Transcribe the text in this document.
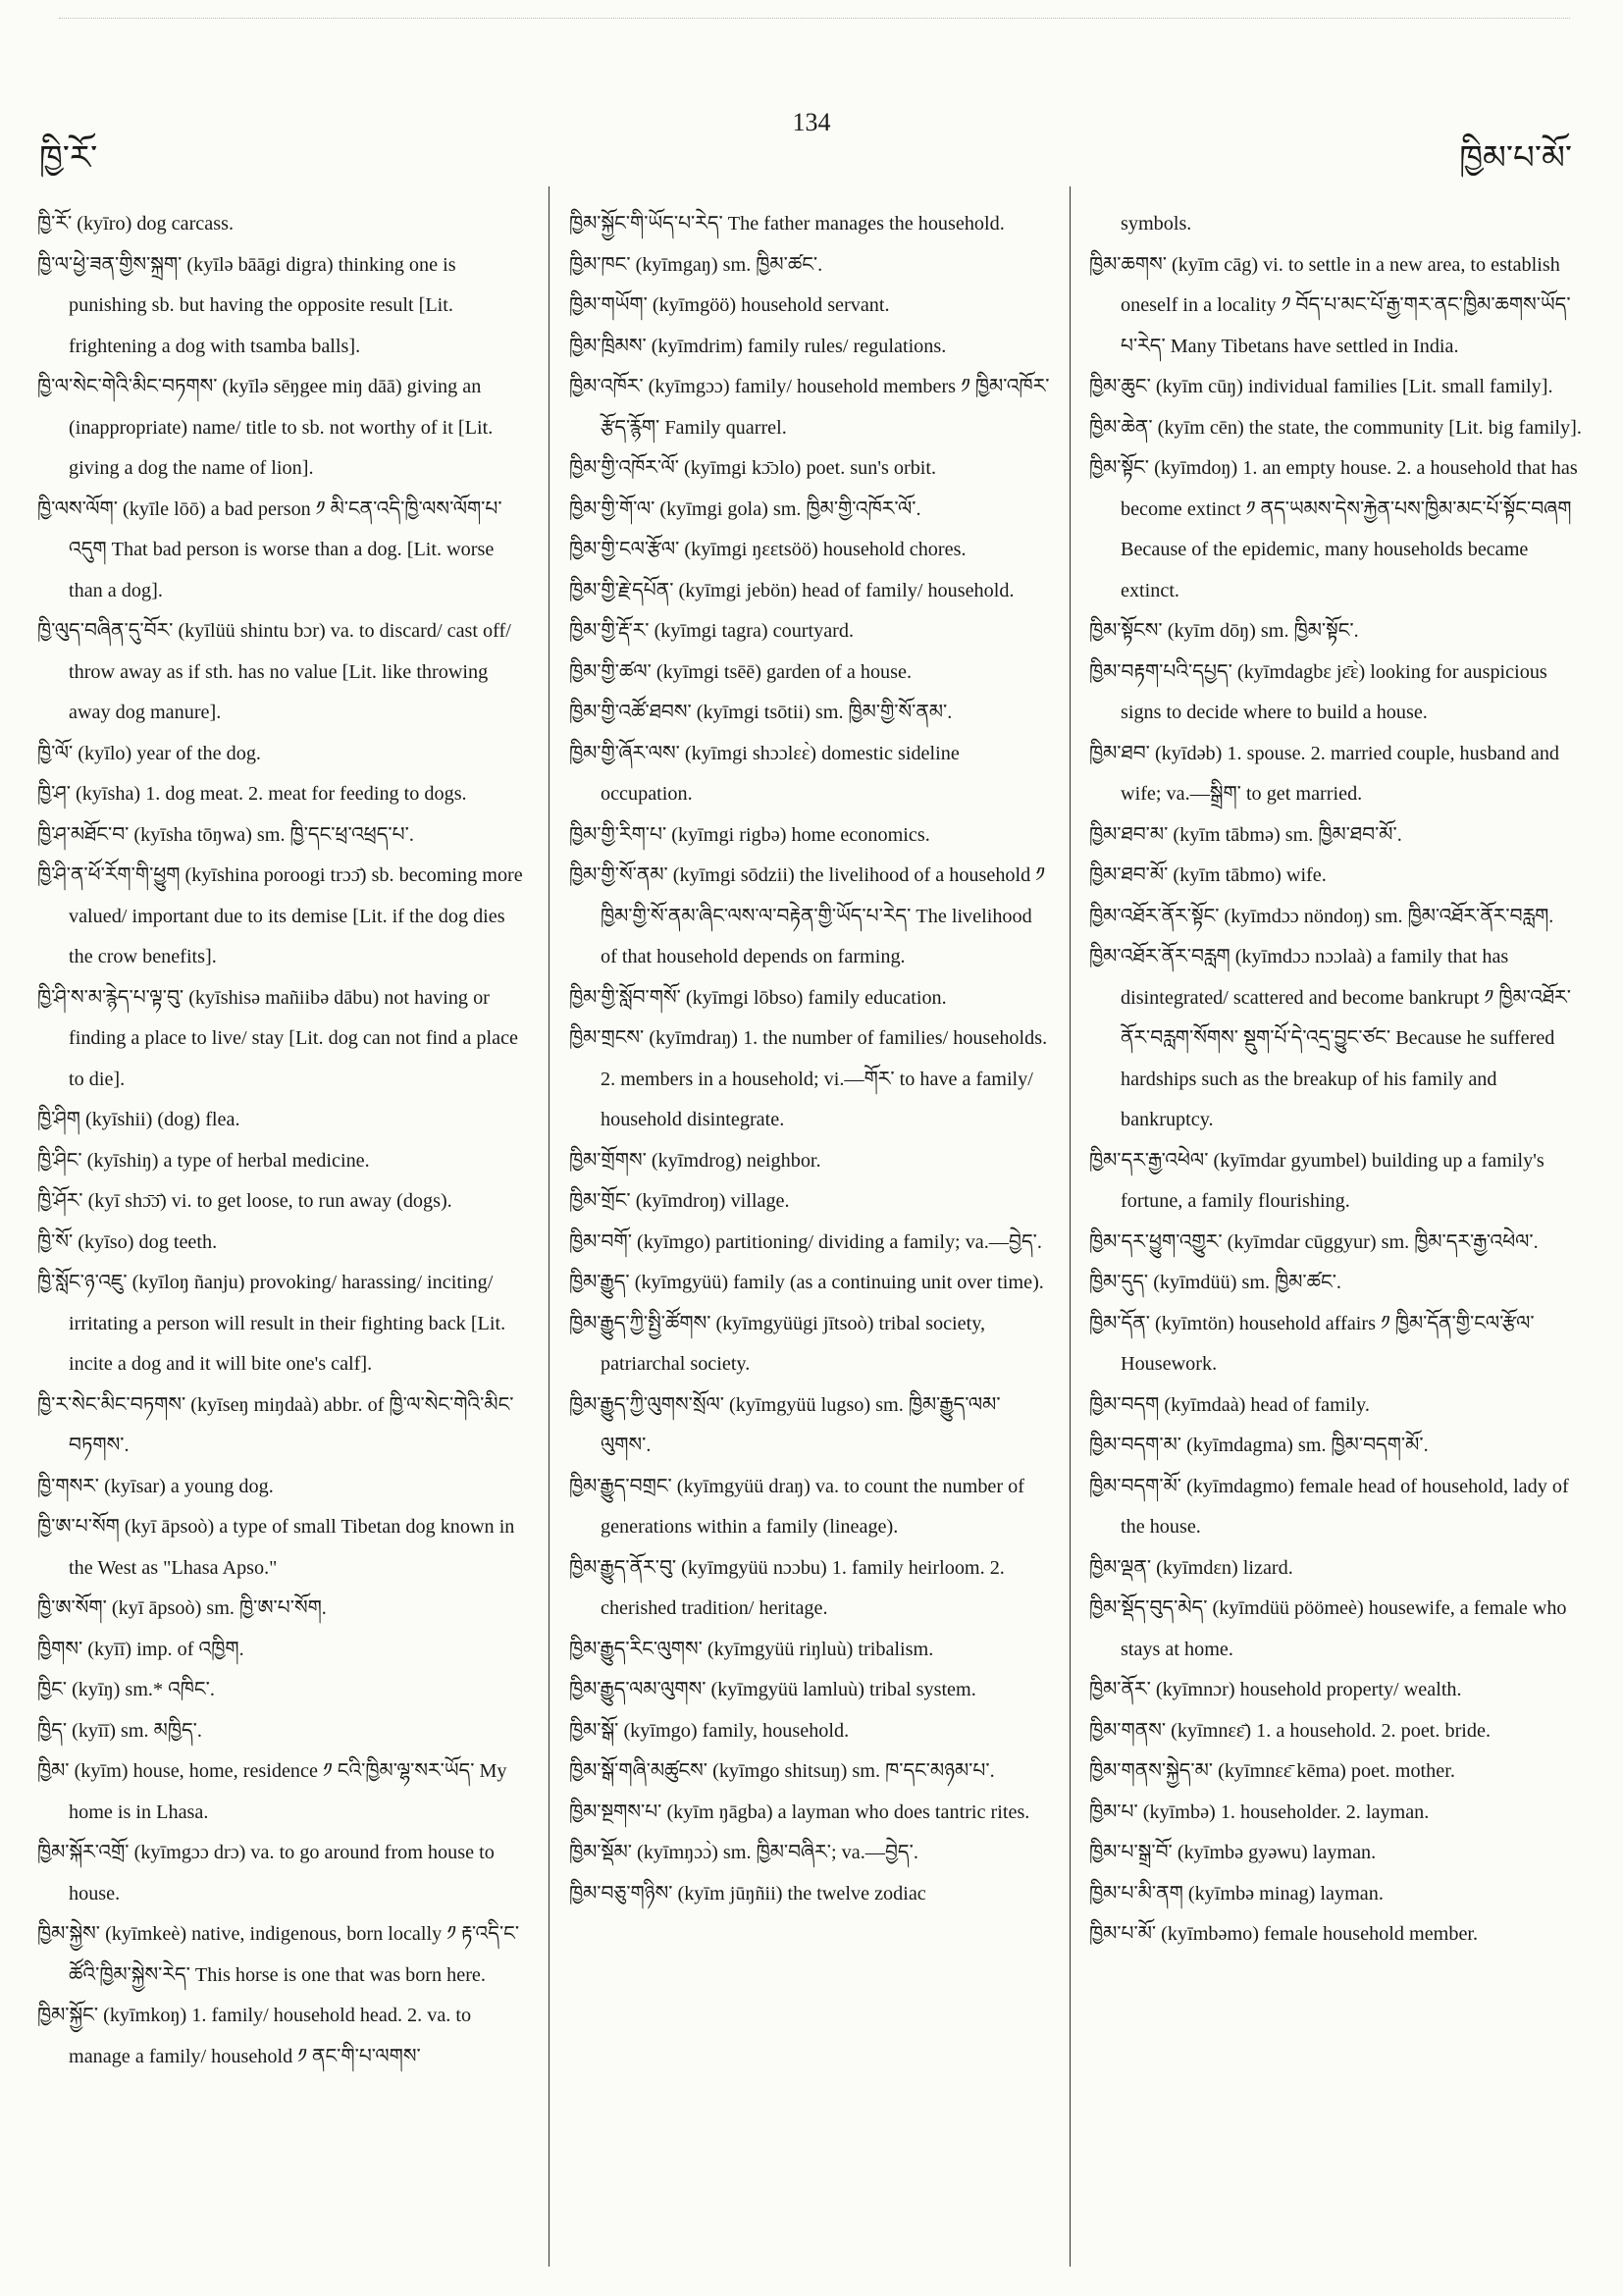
ཁྱི་རོ་
134
ཁྱིམ་པ་མོ་
ཁྱི་རོ་ (kyīro) dog carcass.
ཁྱི་ལ་ཕྱེ་ཟན་གྱིས་སྐྲག་ (kyīlə bāāgi digra) thinking one is punishing sb. but having the opposite result [Lit. frightening a dog with tsamba balls].
ཁྱི་ལ་སེང་གེའི་མིང་བཏགས་ (kyīlə sēŋgee miŋ dāā) giving an (inappropriate) name/ title to sb. not worthy of it [Lit. giving a dog the name of lion].
ཁྱི་ལས་ལོག་ (kyīle lōō) a bad person ༡ མི་ངན་འདི་ཁྱི་ལས་ལོག་པ་འདུག That bad person is worse than a dog. [Lit. worse than a dog].
ཁྱི་ལུད་བཞིན་དུ་བོར་ (kyīlüü shintu bɔr) va. to discard/ cast off/ throw away as if sth. has no value [Lit. like throwing away dog manure].
ཁྱི་ལོ་ (kyīlo) year of the dog.
ཁྱི་ཤ་ (kyīsha) 1. dog meat. 2. meat for feeding to dogs.
ཁྱི་ཤ་མཐོང་བ་ (kyīsha tōŋwa) sm. ཁྱི་དང་ཕྲ་འཕྲད་པ་.
ཁྱི་ཤི་ན་ཕོ་རོག་གི་ཕྱུག (kyīshina poroogi trɔɔ̄) sb. becoming more valued/ important due to its demise [Lit. if the dog dies the crow benefits].
ཁྱི་ཤི་ས་མ་རྙེད་པ་ལྟ་བུ་ (kyīshisə mañiibə dābu) not having or finding a place to live/ stay [Lit. dog can not find a place to die].
ཁྱི་ཤིག (kyīshii) (dog) flea.
ཁྱི་ཤིང་ (kyīshiŋ) a type of herbal medicine.
ཁྱི་ཤོར་ (kyī shɔ̄ɔ̄) vi. to get loose, to run away (dogs).
ཁྱི་སོ་ (kyīso) dog teeth.
ཁྱི་སློང་ཉ་འཇུ་ (kyīloŋ ñanju) provoking/ harassing/ inciting/ irritating a person will result in their fighting back [Lit. incite a dog and it will bite one's calf].
ཁྱི་ར་སེང་མིང་བཏགས་ (kyīseŋ miŋdaà) abbr. of ཁྱི་ལ་སེང་གེའི་མིང་བཏགས་.
ཁྱི་གསར་ (kyīsar) a young dog.
ཁྱི་ཨ་པ་སོག (kyī āpsoò) a type of small Tibetan dog known in the West as "Lhasa Apso."
ཁྱི་ཨ་སོག་ (kyī āpsoò) sm. ཁྱི་ཨ་པ་སོག.
ཁྱིགས་ (kyīī) imp. of འཁྱིག.
ཁྱིང་ (kyīŋ) sm.* འཁིང་.
ཁྱིད་ (kyīī) sm. མཁྱིད་.
ཁྱིམ་ (kyīm) house, home, residence ༡ ངའི་ཁྱིམ་ལྷ་སར་ཡོད་ My home is in Lhasa.
ཁྱིམ་སྐོར་འགྲོ་ (kyīmgɔɔ drɔ) va. to go around from house to house.
ཁྱིམ་སྐྱེས་ (kyīmkeè) native, indigenous, born locally ༡ རྟ་འདི་ང་ཚོའི་ཁྱིམ་སྐྱེས་རེད་ This horse is one that was born here.
ཁྱིམ་སྐྱོང་ (kyīmkoŋ) 1. family/ household head. 2. va. to manage a family/ household ༡ ནང་གི་པ་ལགས་
ཁྱིམ་སྐྱོང་གི་ཡོད་པ་རེད་ The father manages the household.
ཁྱིམ་ཁང་ (kyīmgaŋ) sm. ཁྱིམ་ཚང་.
ཁྱིམ་གཡོག་ (kyīmgöö) household servant.
ཁྱིམ་ཁྲིམས་ (kyīmdrim) family rules/ regulations.
ཁྱིམ་འཁོར་ (kyīmgɔɔ) family/ household members ༡ ཁྱིམ་འཁོར་རྩོད་རྙོག་ Family quarrel.
ཁྱིམ་གྱི་འཁོར་ལོ་ (kyīmgi kɔ̄ɔlo) poet. sun's orbit.
ཁྱིམ་གྱི་གོ་ལ་ (kyīmgi gola) sm. ཁྱིམ་གྱི་འཁོར་ལོ་.
ཁྱིམ་གྱི་ངལ་རྩོལ་ (kyīmgi ŋɛɛtsöö) household chores.
ཁྱིམ་གྱི་རྗེ་དཔོན་ (kyīmgi jebön) head of family/ household.
ཁྱིམ་གྱི་རྡོ་ར་ (kyīmgi tagra) courtyard.
ཁྱིམ་གྱི་ཚལ་ (kyīmgi tsēē) garden of a house.
ཁྱིམ་གྱི་འཚོ་ཐབས་ (kyīmgi tsōtii) sm. ཁྱིམ་གྱི་སོ་ནམ་.
ཁྱིམ་གྱི་ཞོར་ལས་ (kyīmgi shɔɔlɛɛ̀) domestic sideline occupation.
ཁྱིམ་གྱི་རིག་པ་ (kyīmgi rigbə) home economics.
ཁྱིམ་གྱི་སོ་ནམ་ (kyīmgi sōdzii) the livelihood of a household ༡ ཁྱིམ་གྱི་སོ་ནམ་ཞིང་ལས་ལ་བརྟེན་གྱི་ཡོད་པ་རེད་ The livelihood of that household depends on farming.
ཁྱིམ་གྱི་སློབ་གསོ་ (kyīmgi lōbso) family education.
ཁྱིམ་གྲངས་ (kyīmdraŋ) 1. the number of families/ households. 2. members in a household; vi.—གོར་ to have a family/ household disintegrate.
ཁྱིམ་གྲོགས་ (kyīmdrog) neighbor.
ཁྱིམ་གྲོང་ (kyīmdroŋ) village.
ཁྱིམ་བགོ་ (kyīmgo) partitioning/ dividing a family; va.—བྱེད་.
ཁྱིམ་རྒྱུད་ (kyīmgyüü) family (as a continuing unit over time).
ཁྱིམ་རྒྱུད་ཀྱི་སྤྱི་ཚོགས་ (kyīmgyüügi jītsoò) tribal society, patriarchal society.
ཁྱིམ་རྒྱུད་ཀྱི་ལུགས་སྲོལ་ (kyīmgyüü lugso) sm. ཁྱིམ་རྒྱུད་ལམ་ལུགས་.
ཁྱིམ་རྒྱུད་བགྲང་ (kyīmgyüü draŋ) va. to count the number of generations within a family (lineage).
ཁྱིམ་རྒྱུད་ནོར་བུ་ (kyīmgyüü nɔɔbu) 1. family heirloom. 2. cherished tradition/ heritage.
ཁྱིམ་རྒྱུད་རིང་ལུགས་ (kyīmgyüü riŋluù) tribalism.
ཁྱིམ་རྒྱུད་ལམ་ལུགས་ (kyīmgyüü lamluù) tribal system.
ཁྱིམ་སྒོ་ (kyīmgo) family, household.
ཁྱིམ་སྒོ་གཞི་མཚུངས་ (kyīmgo shitsuŋ) sm. ཁ་དང་མཉམ་པ་.
ཁྱིམ་སྔགས་པ་ (kyīm ŋāgba) a layman who does tantric rites.
ཁྱིམ་སྡོམ་ (kyīmŋɔɔ̀) sm. ཁྱིམ་བཞིར་; va.—བྱེད་.
ཁྱིམ་བཅུ་གཉིས་ (kyīm jūŋñii) the twelve zodiac
symbols.
ཁྱིམ་ཆགས་ (kyīm cāg) vi. to settle in a new area, to establish oneself in a locality ༡ བོད་པ་མང་པོ་རྒྱ་གར་ནང་ཁྱིམ་ཆགས་ཡོད་པ་རེད་ Many Tibetans have settled in India.
ཁྱིམ་ཆུང་ (kyīm cūŋ) individual families [Lit. small family].
ཁྱིམ་ཆེན་ (kyīm cēn) the state, the community [Lit. big family].
ཁྱིམ་སྟོང་ (kyīmdoŋ) 1. an empty house. 2. a household that has become extinct ༡ ནད་ཡམས་དེས་རྐྱེན་པས་ཁྱིམ་མང་པོ་སྟོང་བཞག Because of the epidemic, many households became extinct.
ཁྱིམ་སྟོངས་ (kyīm dōŋ) sm. ཁྱིམ་སྟོང་.
ཁྱིམ་བརྟག་པའི་དཔྱད་ (kyīmdagbɛ jɛ̄ɛ̀) looking for auspicious signs to decide where to build a house.
ཁྱིམ་ཐབ་ (kyīdəb) 1. spouse. 2. married couple, husband and wife; va.—སྒྲིག་ to get married.
ཁྱིམ་ཐབ་མ་ (kyīm tābmə) sm. ཁྱིམ་ཐབ་མོ་.
ཁྱིམ་ཐབ་མོ་ (kyīm tābmo) wife.
ཁྱིམ་འཐོར་ནོར་སྟོང་ (kyīmdɔɔ nöndoŋ) sm. ཁྱིམ་འཐོར་ནོར་བརླག.
ཁྱིམ་འཐོར་ནོར་བརླག (kyīmdɔɔ nɔɔlaà) a family that has disintegrated/ scattered and become bankrupt ༡ ཁྱིམ་འཐོར་ནོར་བརླག་སོགས་ སྡུག་པོ་དེ་འདྲ་བྱུང་ཙང་ Because he suffered hardships such as the breakup of his family and bankruptcy.
ཁྱིམ་དར་རྒྱ་འཕེལ་ (kyīmdar gyumbel) building up a family's fortune, a family flourishing.
ཁྱིམ་དར་ཕྱུག་འགྱུར་ (kyīmdar cūggyur) sm. ཁྱིམ་དར་རྒྱ་འཕེལ་.
ཁྱིམ་དུད་ (kyīmdüü) sm. ཁྱིམ་ཚང་.
ཁྱིམ་དོན་ (kyīmtön) household affairs ༡ ཁྱིམ་དོན་གྱི་ངལ་རྩོལ་ Housework.
ཁྱིམ་བདག (kyīmdaà) head of family.
ཁྱིམ་བདག་མ་ (kyīmdagma) sm. ཁྱིམ་བདག་མོ་.
ཁྱིམ་བདག་མོ་ (kyīmdagmo) female head of household, lady of the house.
ཁྱིམ་ལྡན་ (kyīmdɛn) lizard.
ཁྱིམ་སྡོད་བུད་མེད་ (kyīmdüü pöömeè) housewife, a female who stays at home.
ཁྱིམ་ནོར་ (kyīmnɔr) household property/ wealth.
ཁྱིམ་གནས་ (kyīmnɛɛ̄) 1. a household. 2. poet. bride.
ཁྱིམ་གནས་སྐྱེད་མ་ (kyīmnɛɛ̄ kēma) poet. mother.
ཁྱིམ་པ་ (kyīmbə) 1. householder. 2. layman.
ཁྱིམ་པ་སྒྲ་བོ་ (kyīmbə gyəwu) layman.
ཁྱིམ་པ་མི་ནག (kyīmbə minag) layman.
ཁྱིམ་པ་མོ་ (kyīmbəmo) female household member.
